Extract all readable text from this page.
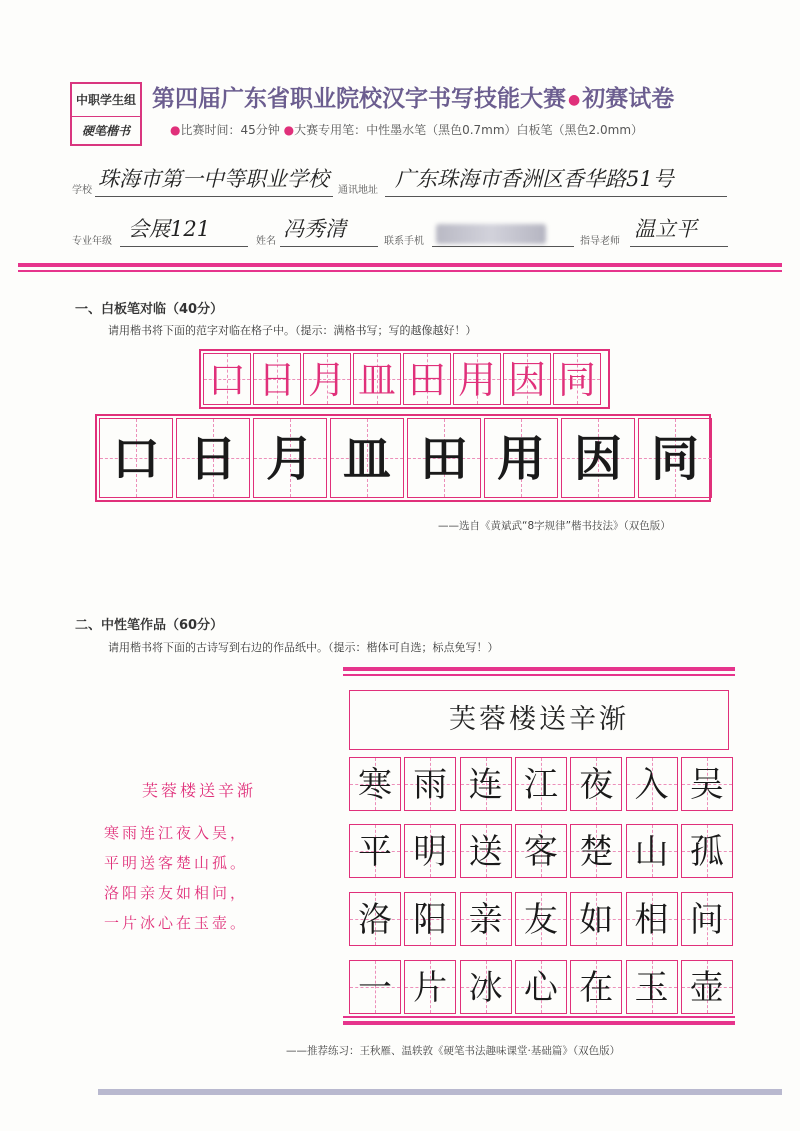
中职学生组
硬笔楷书
第四届广东省职业院校汉字书写技能大赛 ●初赛试卷
●比赛时间：45分钟 ●大赛专用笔：中性墨水笔（黑色0.7mm）白板笔（黑色2.0mm）
学校 珠海市第一中等职业学校 通讯地址 广东珠海市香洲区香华路51号
专业年级
会展121
姓名
冯秀清
联系手机	指导老师
温立平
一、白板笔对临（40分）
请用楷书将下面的范字对临在格子中。（提示：满格书写；写的越像越好！）
口 日 月 皿 田 用 因 同
口 日 月 皿 田 用 因 同
——选自《黄斌武“8字规律”楷书技法》（双色版）
二、中性笔作品（60分）
请用楷书将下面的古诗写到右边的作品纸中。（提示：楷体可自选；标点免写！）
芙蓉楼送辛渐
寒雨连江夜入吴，
平明送客楚山孤。
洛阳亲友如相问，
一片冰心在玉壶。
芙蓉楼送辛渐
寒 雨 连 江 夜 入 吴
平 明 送 客 楚 山 孤
洛 阳 亲 友 如 相 问
一 片 冰 心 在 玉 壶
——推荐练习：王秋雁、温轶敦《硬笔书法趣味课堂·基础篇》（双色版）
